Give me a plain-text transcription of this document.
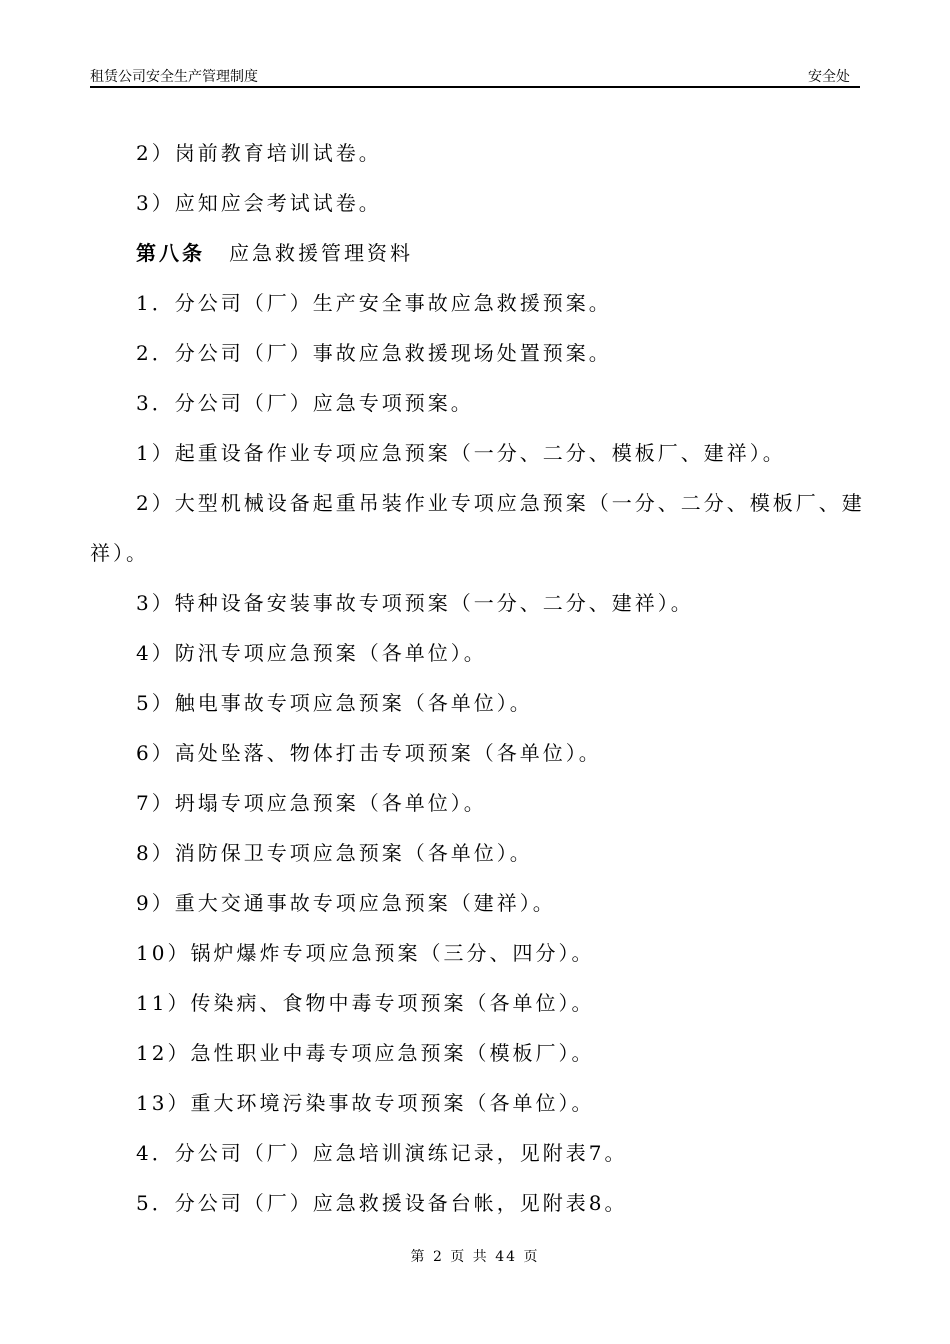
租赁公司安全生产管理制度	安全处
2）岗前教育培训试卷。
3）应知应会考试试卷。
第八条 应急救援管理资料
1．分公司（厂）生产安全事故应急救援预案。
2．分公司（厂）事故应急救援现场处置预案。
3．分公司（厂）应急专项预案。
1）起重设备作业专项应急预案（一分、二分、模板厂、建祥）。
2）大型机械设备起重吊装作业专项应急预案（一分、二分、模板厂、建
祥）。
3）特种设备安装事故专项预案（一分、二分、建祥）。
4）防汛专项应急预案（各单位）。
5）触电事故专项应急预案（各单位）。
6）高处坠落、物体打击专项预案（各单位）。
7）坍塌专项应急预案（各单位）。
8）消防保卫专项应急预案（各单位）。
9）重大交通事故专项应急预案（建祥）。
10）锅炉爆炸专项应急预案（三分、四分）。
11）传染病、食物中毒专项预案（各单位）。
12）急性职业中毒专项应急预案（模板厂）。
13）重大环境污染事故专项预案（各单位）。
4．分公司（厂）应急培训演练记录，见附表7。
5．分公司（厂）应急救援设备台帐，见附表8。
第 2 页 共 44 页
